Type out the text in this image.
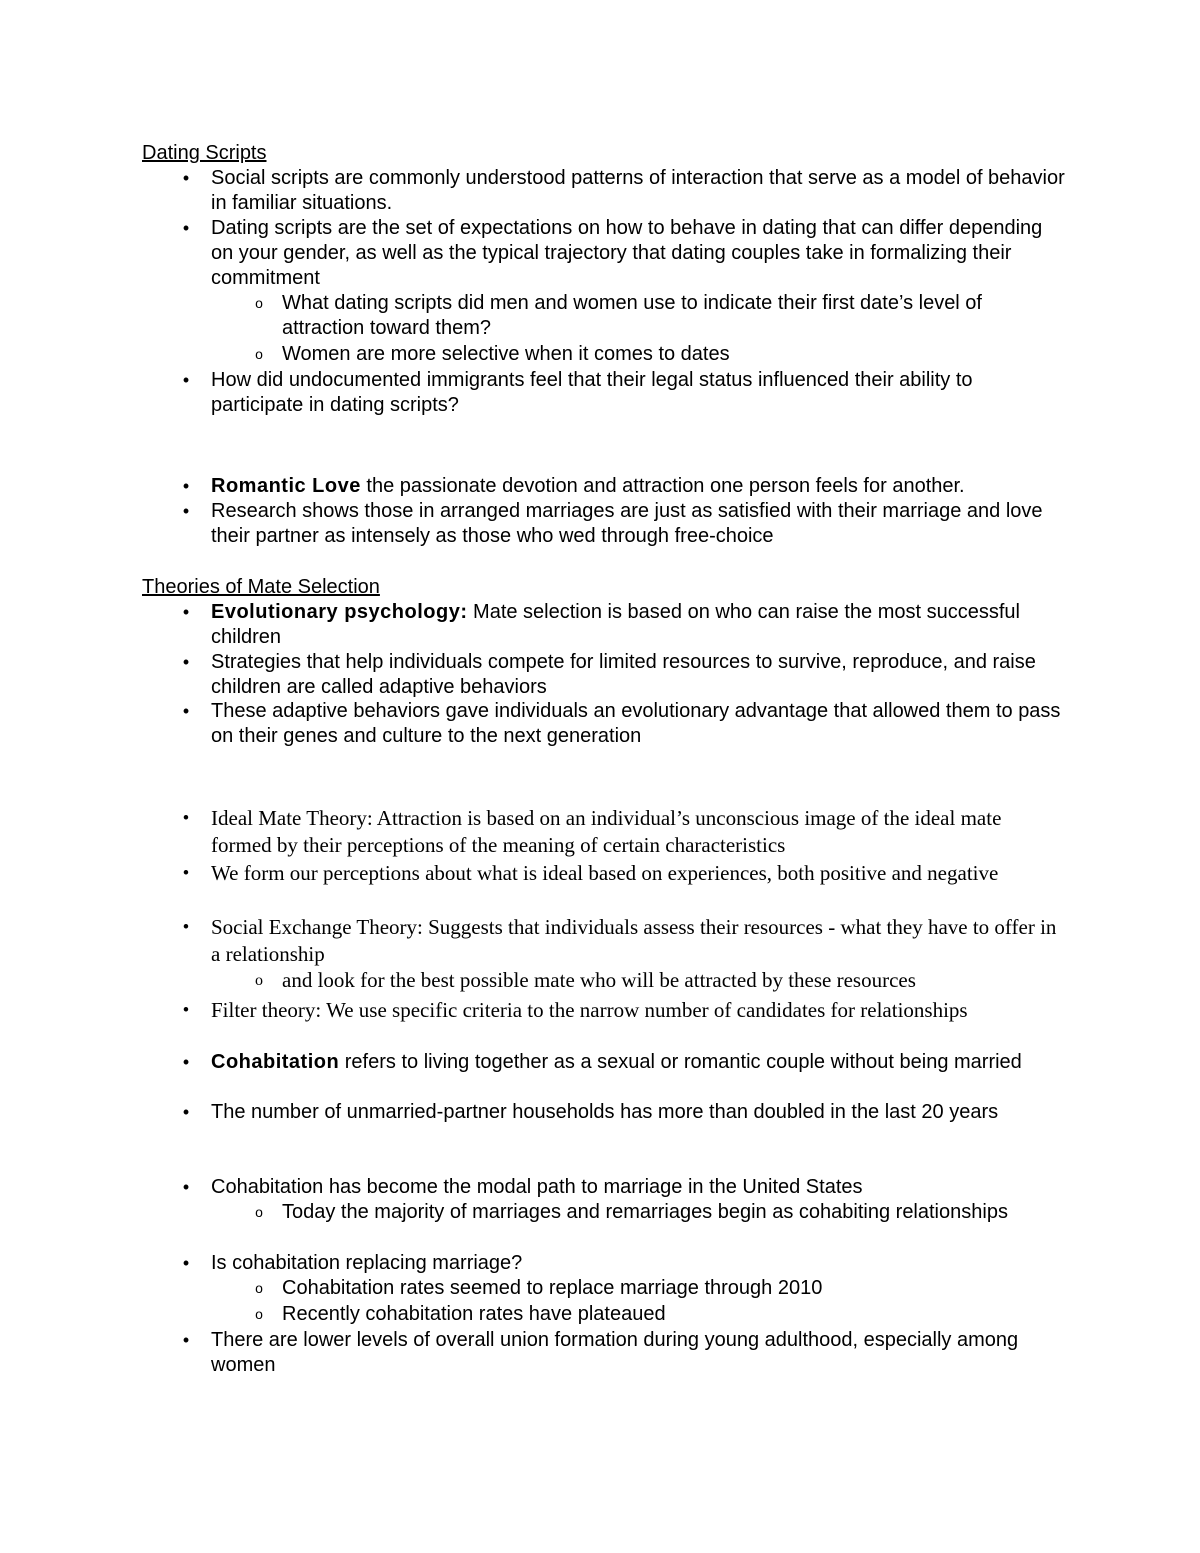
Dating Scripts

•	Social scripts are commonly understood patterns of interaction that serve as a model of behavior in familiar situations.

•	Dating scripts are the set of expectations on how to behave in dating that can differ depending on your gender, as well as the typical trajectory that dating couples take in formalizing their commitment

o What dating scripts did men and women use to indicate their first date’s level of attraction toward them?

o Women are more selective when it comes to dates

•	How did undocumented immigrants feel that their legal status influenced their ability to participate in dating scripts?

•	Romantic Love the passionate devotion and attraction one person feels for another.

•	Research shows those in arranged marriages are just as satisfied with their marriage and love their partner as intensely as those who wed through free-choice

Theories of Mate Selection

•	Evolutionary psychology: Mate selection is based on who can raise the most successful children

•	Strategies that help individuals compete for limited resources to survive, reproduce, and raise children are called adaptive behaviors

•	These adaptive behaviors gave individuals an evolutionary advantage that allowed them to pass on their genes and culture to the next generation

•	Ideal Mate Theory: Attraction is based on an individual’s unconscious image of the ideal mate formed by their perceptions of the meaning of certain characteristics

•	We form our perceptions about what is ideal based on experiences, both positive and negative

•	Social Exchange Theory: Suggests that individuals assess their resources - what they have to offer in a relationship

o and look for the best possible mate who will be attracted by these resources

•	Filter theory: We use specific criteria to the narrow number of candidates for relationships

•	Cohabitation refers to living together as a sexual or romantic couple without being married

•	The number of unmarried-partner households has more than doubled in the last 20 years

•	Cohabitation has become the modal path to marriage in the United States

o Today the majority of marriages and remarriages begin as cohabiting relationships

•	Is cohabitation replacing marriage?

o Cohabitation rates seemed to replace marriage through 2010

o Recently cohabitation rates have plateaued

•	There are lower levels of overall union formation during young adulthood, especially among women
